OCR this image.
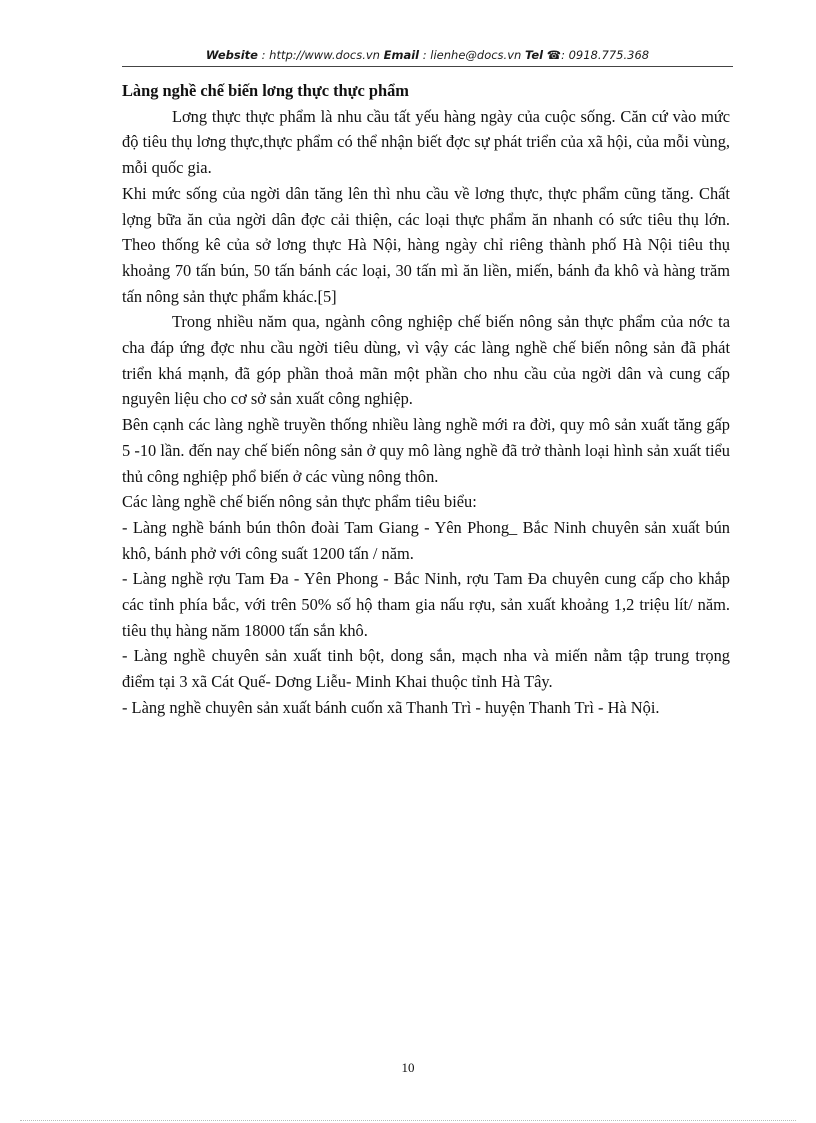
Website : http://www.docs.vn Email : lienhe@docs.vn Tel ☎: 0918.775.368
Làng nghề chế biến lơng thực thực phẩm

Lơng thực thực phẩm là nhu cầu tất yếu hàng ngày của cuộc sống. Căn cứ vào mức độ tiêu thụ lơng thực,thực phẩm có thể nhận biết đợc sự phát triển của xã hội, của mỗi vùng, mỗi quốc gia.

Khi mức sống của ngời dân tăng lên thì nhu cầu về lơng thực, thực phẩm cũng tăng. Chất lợng bữa ăn của ngời dân đợc cải thiện, các loại thực phẩm ăn nhanh có sức tiêu thụ lớn. Theo thống kê của sở lơng thực Hà Nội, hàng ngày chỉ riêng thành phố Hà Nội tiêu thụ khoảng 70 tấn bún, 50 tấn bánh các loại, 30 tấn mì ăn liền, miến, bánh đa khô và hàng trăm tấn nông sản thực phẩm khác.[5]

Trong nhiều năm qua, ngành công nghiệp chế biến nông sản thực phẩm của nớc ta cha đáp ứng đợc nhu cầu ngời tiêu dùng, vì vậy các làng nghề chế biến nông sản đã phát triển khá mạnh, đã góp phần thoả mãn một phần cho nhu cầu của ngời dân và cung cấp nguyên liệu cho cơ sở sản xuất công nghiệp.

Bên cạnh các làng nghề truyền thống nhiều làng nghề mới ra đời, quy mô sản xuất tăng gấp 5 -10 lần. đến nay chế biến nông sản ở quy mô làng nghề đã trở thành loại hình sản xuất tiểu thủ công nghiệp phổ biến ở các vùng nông thôn.

Các làng nghề chế biến nông sản thực phẩm tiêu biểu:

- Làng nghề bánh bún thôn đoài Tam Giang - Yên Phong_ Bắc Ninh chuyên sản xuất bún khô, bánh phở với công suất 1200 tấn / năm.

- Làng nghề rợu Tam Đa - Yên Phong - Bắc Ninh, rợu Tam Đa chuyên cung cấp cho khắp các tỉnh phía bắc, với trên 50% số hộ tham gia nấu rợu, sản xuất khoảng 1,2 triệu lít/ năm. tiêu thụ hàng năm 18000 tấn sắn khô.

- Làng nghề chuyên sản xuất tinh bột, dong sắn, mạch nha và miến nằm tập trung trọng điểm tại 3 xã Cát Quế- Dơng Liễu- Minh Khai thuộc tỉnh Hà Tây.

- Làng nghề chuyên sản xuất bánh cuốn xã Thanh Trì - huyện Thanh Trì - Hà Nội.

10
